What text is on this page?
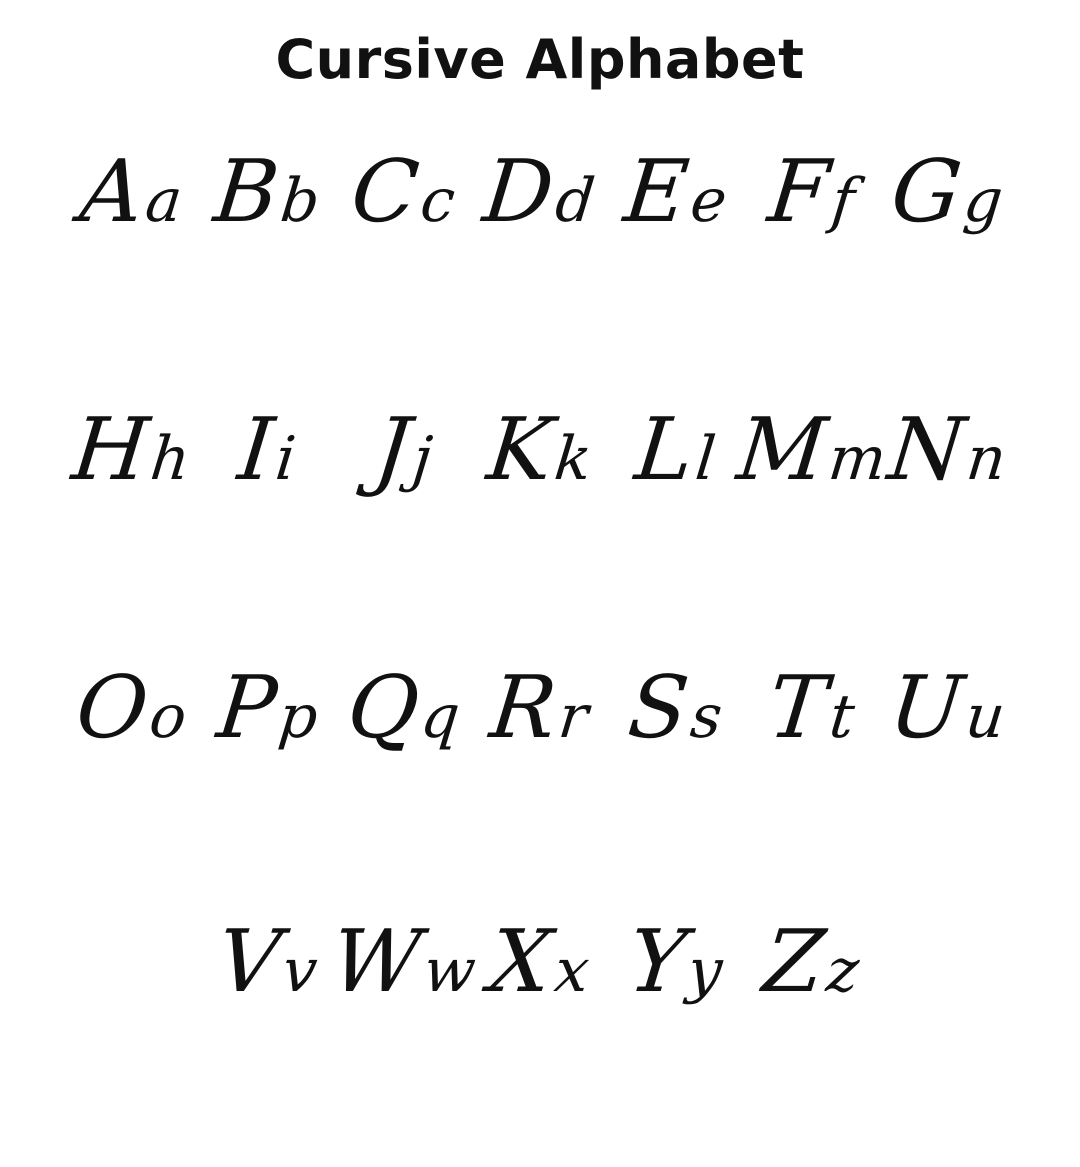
Cursive Alphabet
Aa Bb Cc Dd Ee Ff Gg
Hh Ii Jj Kk Ll Mm
Nn
Oo Pp Qq Rr Ss Tt Uu
Vv Ww Xx Yy Zz
